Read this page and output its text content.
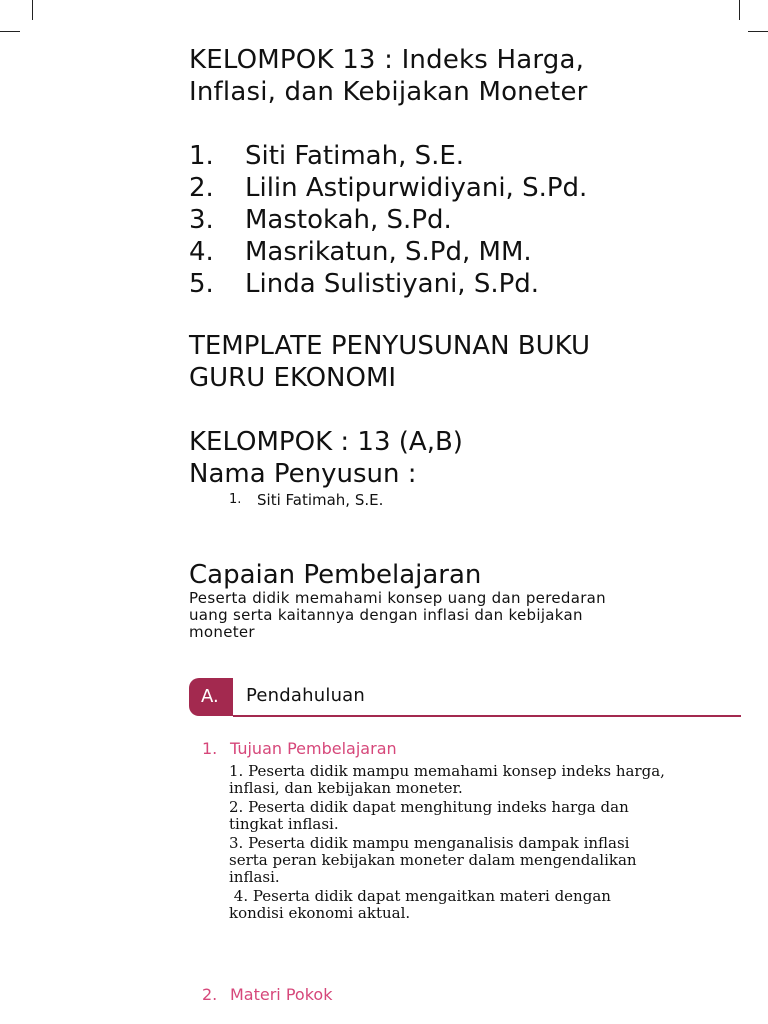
KELOMPOK 13 : Indeks Harga,
Inflasi, dan Kebijakan Moneter
1.	Siti Fatimah, S.E.
2.	Lilin Astipurwidiyani, S.Pd.
3.	Mastokah, S.Pd.
4.	Masrikatun, S.Pd, MM.
5.	Linda Sulistiyani, S.Pd.
TEMPLATE PENYUSUNAN BUKU
GURU EKONOMI
KELOMPOK : 13 (A,B)
Nama Penyusun :
1.	Siti Fatimah, S.E.
Capaian Pembelajaran

Peserta didik memahami konsep uang dan peredaran
uang serta kaitannya dengan inflasi dan kebijakan
moneter

A.	Pendahuluan
1. Tujuan Pembelajaran
1. Peserta didik mampu memahami konsep indeks harga, inflasi, dan kebijakan moneter.
2. Peserta didik dapat menghitung indeks harga dan tingkat inflasi.
3. Peserta didik mampu menganalisis dampak inflasi serta peran kebijakan moneter dalam mengendalikan inflasi.
4. Peserta didik dapat mengaitkan materi dengan kondisi ekonomi aktual.
2. Materi Pokok
